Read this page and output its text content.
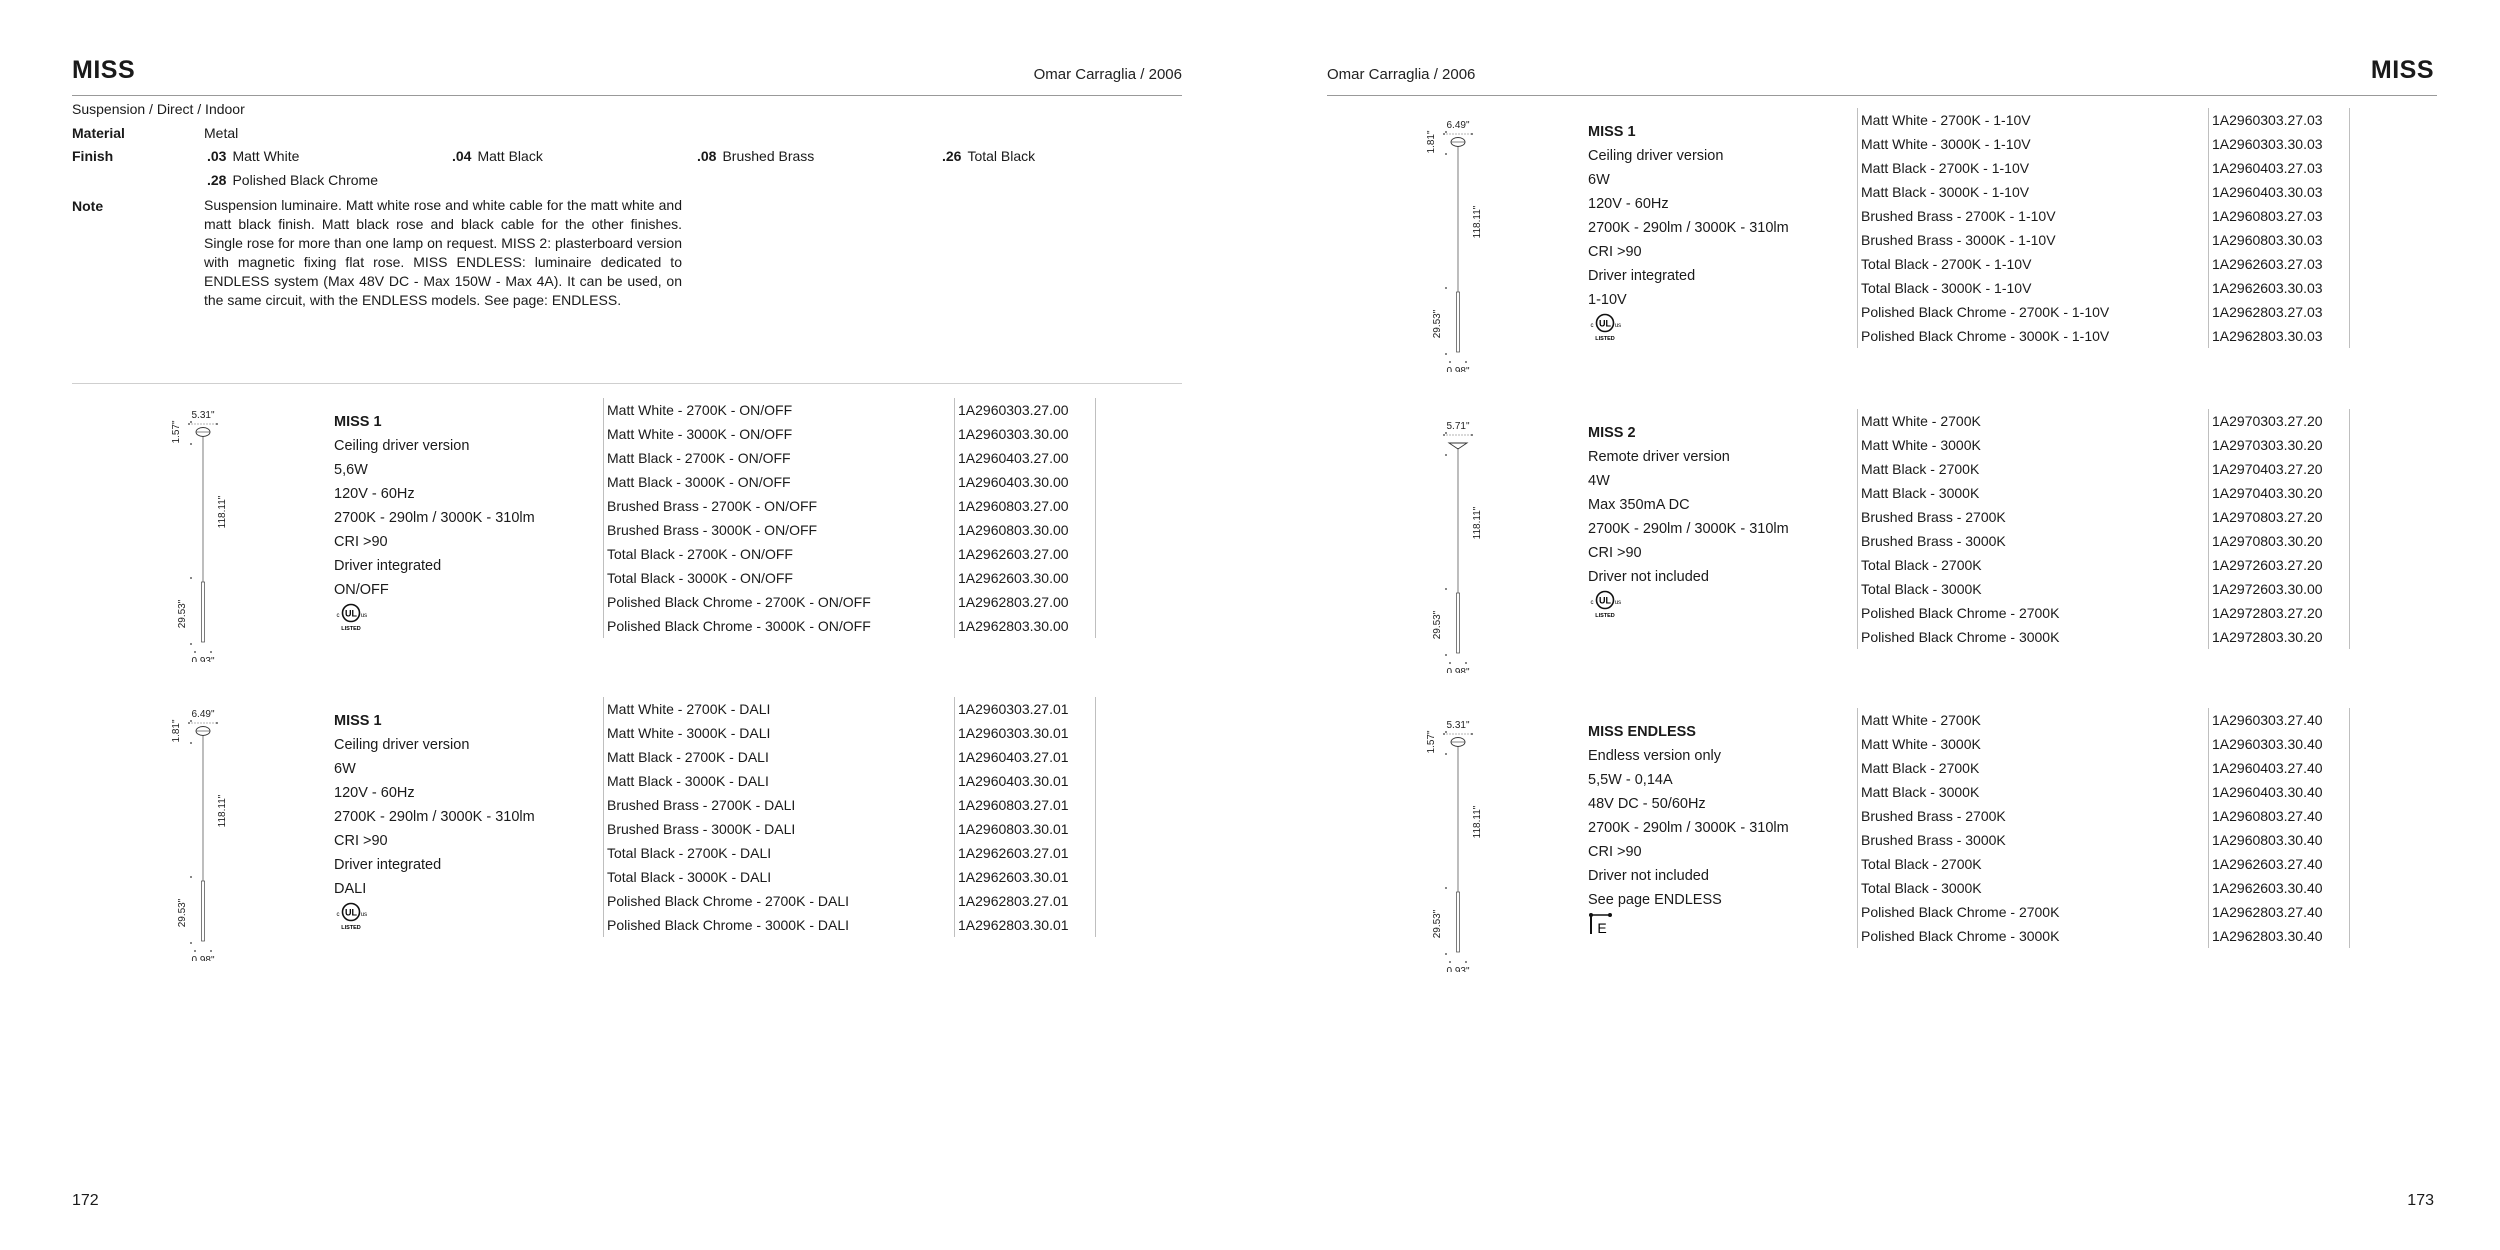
MISS	Omar Carraglia / 2006
Suspension / Direct / Indoor
Material	Metal
Finish	.03 Matt White	.04 Matt Black	.08 Brushed Brass	.26 Total Black
.28 Polished Black Chrome
Note	Suspension luminaire. Matt white rose and white cable for the matt white and matt black finish. Matt black rose and black cable for the other finishes. Single rose for more than one lamp on request. MISS 2: plasterboard version with magnetic fixing flat rose. MISS ENDLESS: luminaire dedicated to ENDLESS system (Max 48V DC - Max 150W - Max 4A). It can be used, on the same circuit, with the ENDLESS models. See page: ENDLESS.
Omar Carraglia / 2006	MISS
5.31"
1.57"
118.11"
29.53"
0.93"
MISS 1
Ceiling driver version
5,6W
120V - 60Hz
2700K - 290lm / 3000K - 310lm
CRI >90
Driver integrated
ON/OFF
UL
c	us
LISTED
Matt White - 2700K - ON/OFF	1A2960303.27.00
Matt White - 3000K - ON/OFF	1A2960303.30.00
Matt Black - 2700K - ON/OFF	1A2960403.27.00
Matt Black - 3000K - ON/OFF	1A2960403.30.00
Brushed Brass - 2700K - ON/OFF	1A2960803.27.00
Brushed Brass - 3000K - ON/OFF	1A2960803.30.00
Total Black - 2700K - ON/OFF	1A2962603.27.00
Total Black - 3000K - ON/OFF	1A2962603.30.00
Polished Black Chrome - 2700K - ON/OFF	1A2962803.27.00
Polished Black Chrome - 3000K - ON/OFF	1A2962803.30.00
6.49"
1.81"
118.11"
29.53"
0.98"
MISS 1
Ceiling driver version
6W
120V - 60Hz
2700K - 290lm / 3000K - 310lm
CRI >90
Driver integrated
DALI
UL
c	us
LISTED
Matt White - 2700K - DALI	1A2960303.27.01
Matt White - 3000K - DALI	1A2960303.30.01
Matt Black - 2700K - DALI	1A2960403.27.01
Matt Black - 3000K - DALI	1A2960403.30.01
Brushed Brass - 2700K - DALI	1A2960803.27.01
Brushed Brass - 3000K - DALI	1A2960803.30.01
Total Black - 2700K - DALI	1A2962603.27.01
Total Black - 3000K - DALI	1A2962603.30.01
Polished Black Chrome - 2700K - DALI	1A2962803.27.01
Polished Black Chrome - 3000K - DALI	1A2962803.30.01
6.49"
1.81"
118.11"
29.53"
0.98"
MISS 1
Ceiling driver version
6W
120V - 60Hz
2700K - 290lm / 3000K - 310lm
CRI >90
Driver integrated
1-10V
UL
c	us
LISTED
Matt White - 2700K - 1-10V	1A2960303.27.03
Matt White - 3000K - 1-10V	1A2960303.30.03
Matt Black - 2700K - 1-10V	1A2960403.27.03
Matt Black - 3000K - 1-10V	1A2960403.30.03
Brushed Brass - 2700K - 1-10V	1A2960803.27.03
Brushed Brass - 3000K - 1-10V	1A2960803.30.03
Total Black - 2700K - 1-10V	1A2962603.27.03
Total Black - 3000K - 1-10V	1A2962603.30.03
Polished Black Chrome - 2700K - 1-10V	1A2962803.27.03
Polished Black Chrome - 3000K - 1-10V	1A2962803.30.03
5.71"
118.11"
29.53"
0.98"
MISS 2
Remote driver version
4W
Max 350mA DC
2700K - 290lm / 3000K - 310lm
CRI >90
Driver not included
UL
c	us
LISTED
Matt White - 2700K	1A2970303.27.20
Matt White - 3000K	1A2970303.30.20
Matt Black - 2700K	1A2970403.27.20
Matt Black - 3000K	1A2970403.30.20
Brushed Brass - 2700K	1A2970803.27.20
Brushed Brass - 3000K	1A2970803.30.20
Total Black - 2700K	1A2972603.27.20
Total Black - 3000K	1A2972603.30.00
Polished Black Chrome - 2700K	1A2972803.27.20
Polished Black Chrome - 3000K	1A2972803.30.20
5.31"
1.57"
118.11"
29.53"
0.93"
MISS ENDLESS
Endless version only
5,5W - 0,14A
48V DC - 50/60Hz
2700K - 290lm / 3000K - 310lm
CRI >90
Driver not included
See page ENDLESS
E
Matt White - 2700K	1A2960303.27.40
Matt White - 3000K	1A2960303.30.40
Matt Black - 2700K	1A2960403.27.40
Matt Black - 3000K	1A2960403.30.40
Brushed Brass - 2700K	1A2960803.27.40
Brushed Brass - 3000K	1A2960803.30.40
Total Black - 2700K	1A2962603.27.40
Total Black - 3000K	1A2962603.30.40
Polished Black Chrome - 2700K	1A2962803.27.40
Polished Black Chrome - 3000K	1A2962803.30.40
172	173
